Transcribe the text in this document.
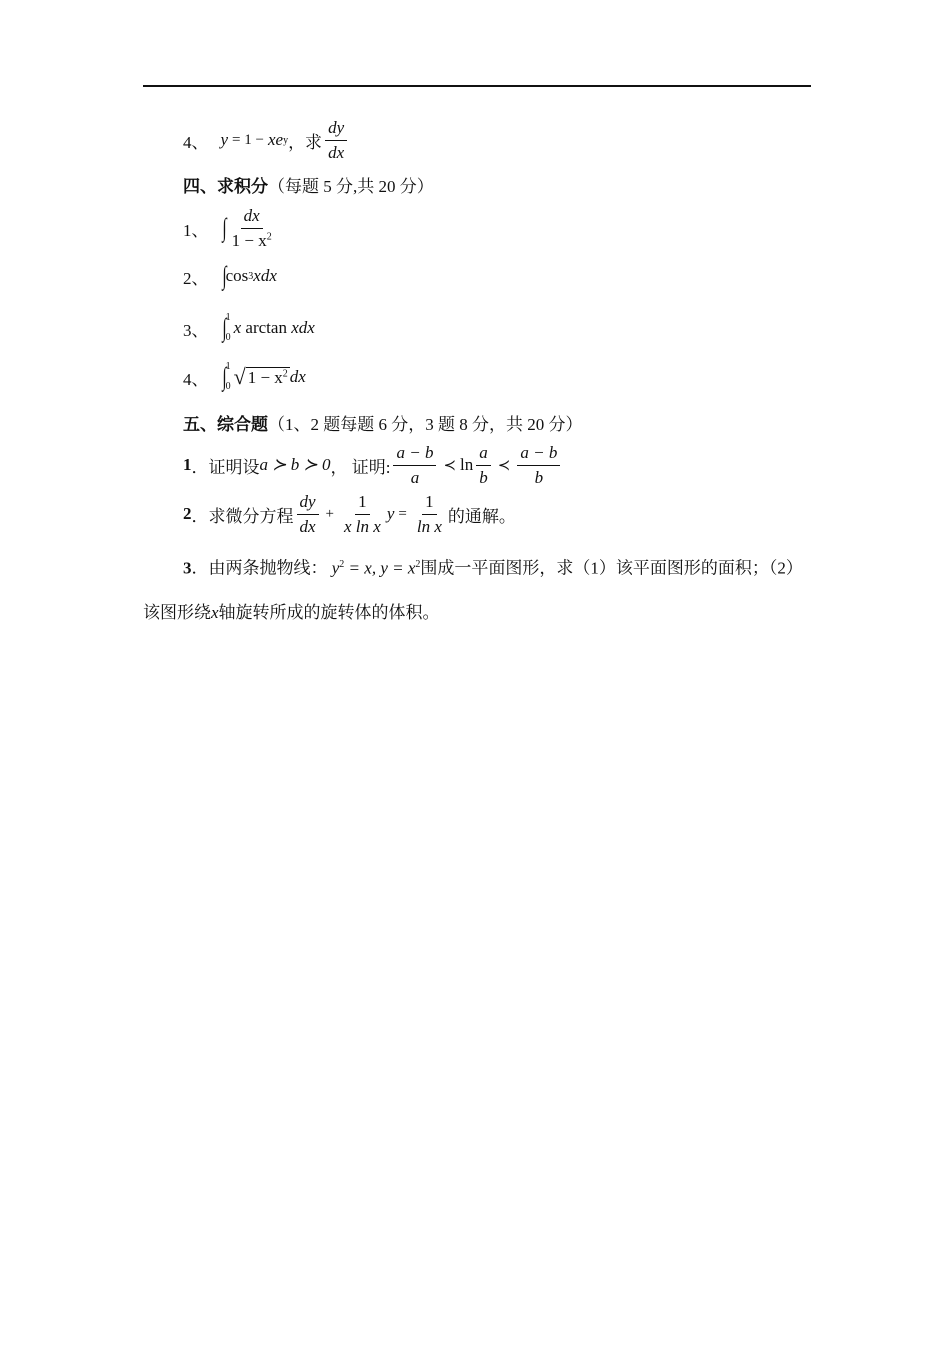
4、 y = 1 − xe y ，求 $\frac{dy}{dx}$
四、求积分 （每题 5 分,共 20 分）
1、 ∫ $\frac{dx}{1 - x^2}$
2、 ∫ cos 3 xdx
3、 ∫ 1
0
x
arctan
xdx
4、 ∫ 1
0 √ $1 - x^2$ dx
五、综合题 （1、2 题每题 6 分，3 题 8 分，共 20 分）
1 ．证明设 a ≻ b ≻ 0 ， 证明: $\frac{a - b}{a}$ ≺ $\ln \frac{a}{b}$ ≺ $\frac{a - b}{b}$
2 ．求微分方程 $\frac{dy}{dx} + \frac{1}{\text{x ln x}}$ $y = \frac{1}{\text{ln x}}$ 的通解。
3．由两条抛物线： $y^2 = x$, $y = x^2$围成一平面图形，求（1）该平面图形的面积；（2）该图形绕x轴旋转所成的旋转体的体积。
